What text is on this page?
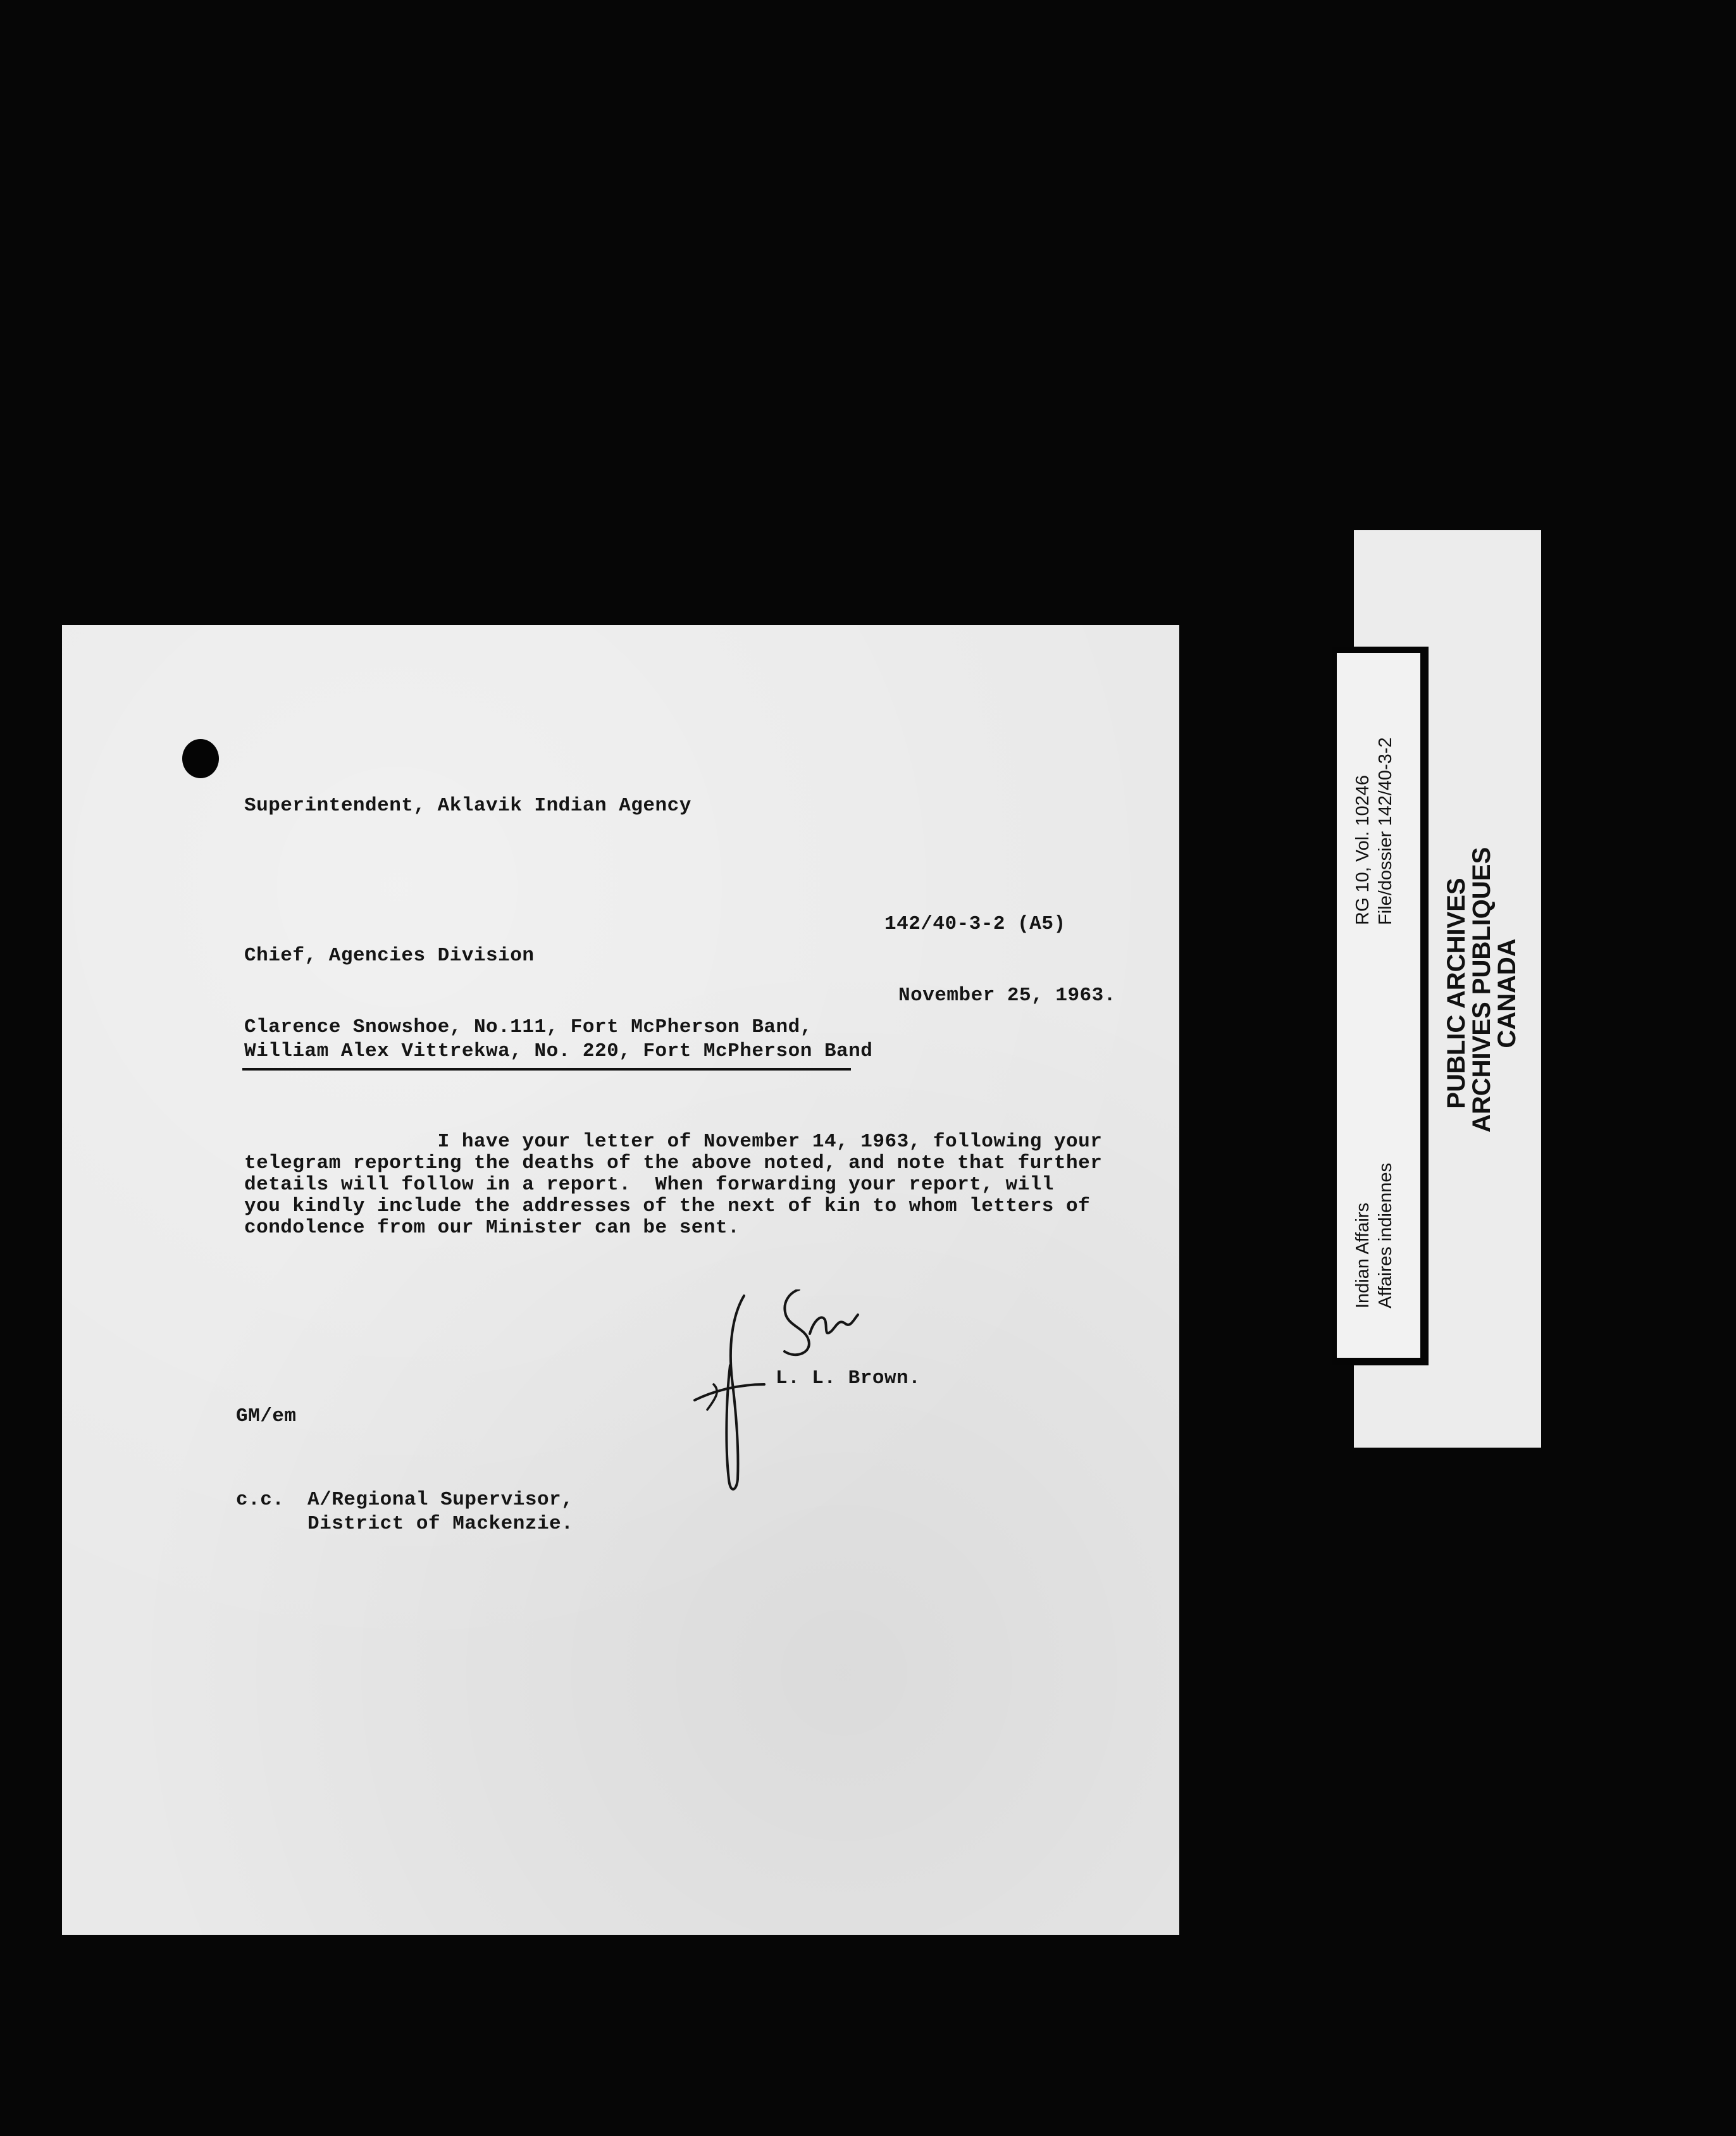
Superintendent, Aklavik Indian Agency

142/40-3-2 (A5)

Chief, Agencies Division

November 25, 1963.

Clarence Snowshoe, No.111, Fort McPherson Band,

William Alex Vittrekwa, No. 220, Fort McPherson Band

I have your letter of November 14, 1963, following your
telegram reporting the deaths of the above noted, and note that further
details will follow in a report.  When forwarding your report, will
you kindly include the addresses of the next of kin to whom letters of
condolence from our Minister can be sent.

L. L. Brown.

GM/em

c.c. A/Regional Supervisor,

District of Mackenzie.

Indian Affairs Affaires indiennes

RG 10, Vol. 10246 File/dossier 142/40-3-2

PUBLIC ARCHIVES

ARCHIVES PUBLIQUES

CANADA
